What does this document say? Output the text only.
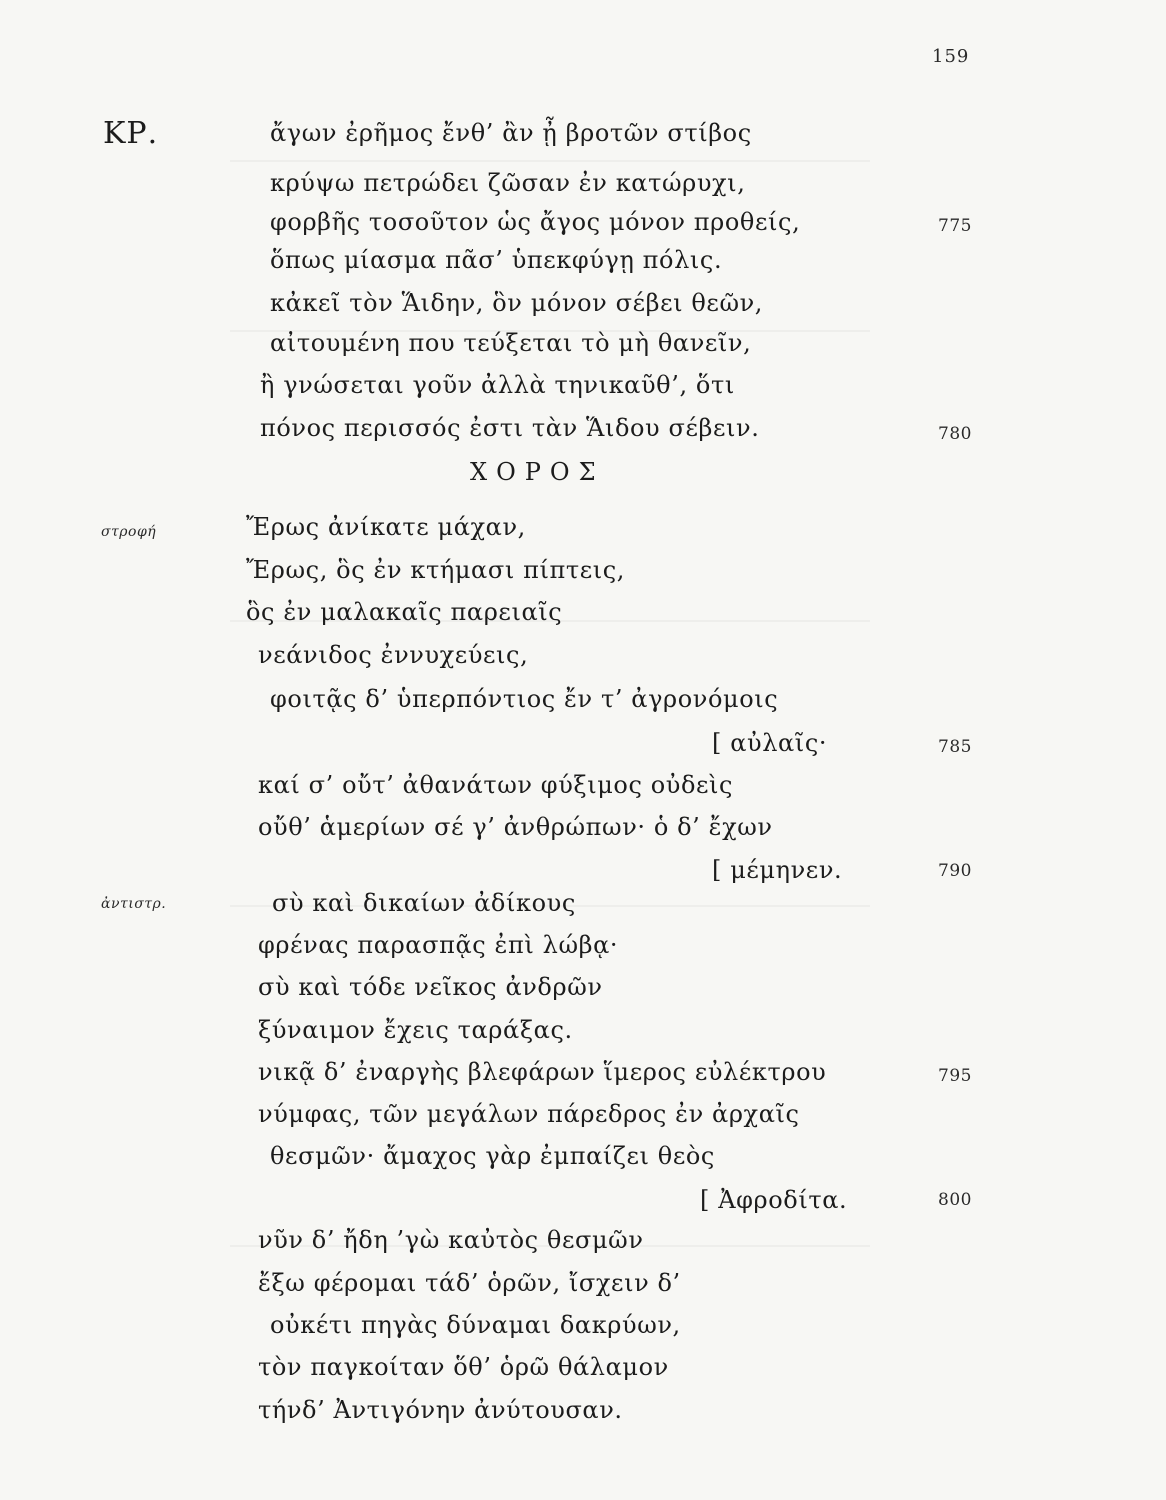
159
ΚΡ.
ΧΟΡΟΣ
στροφή
ἀντιστρ.
ἄγων ἐρῆμος ἔνθ’ ἂν ᾖ βροτῶν στίβος
κρύψω πετρώδει ζῶσαν ἐν κατώρυχι,
φορβῆς τοσοῦτον ὡς ἄγος μόνον προθείς,	775
ὅπως μίασμα πᾶσ’ ὑπεκφύγῃ πόλις.
κἀκεῖ τὸν Ἅιδην, ὃν μόνον σέβει θεῶν,
αἰτουμένη που τεύξεται τὸ μὴ θανεῖν,
ἢ γνώσεται γοῦν ἀλλὰ τηνικαῦθ’, ὅτι
πόνος περισσός ἐστι τὰν Ἅιδου σέβειν.	780
Ἔρως ἀνίκατε μάχαν,
Ἔρως, ὃς ἐν κτήμασι πίπτεις,
ὃς ἐν μαλακαῖς παρειαῖς
νεάνιδος ἐννυχεύεις,
φοιτᾷς δ’ ὑπερπόντιος ἔν τ’ ἀγρονόμοις
[ αὐλαῖς·	785
καί σ’ οὔτ’ ἀθανάτων φύξιμος οὐδεὶς
οὔθ’ ἁμερίων σέ γ’ ἀνθρώπων· ὁ δ’ ἔχων
[ μέμηνεν.	790
σὺ καὶ δικαίων ἀδίκους
φρένας παρασπᾷς ἐπὶ λώβᾳ·
σὺ καὶ τόδε νεῖκος ἀνδρῶν
ξύναιμον ἔχεις ταράξας.
νικᾷ δ’ ἐναργὴς βλεφάρων ἵμερος εὐλέκτρου	795
νύμφας, τῶν μεγάλων πάρεδρος ἐν ἀρχαῖς
θεσμῶν· ἄμαχος γὰρ ἐμπαίζει θεὸς
[ Ἀφροδίτα.	800
νῦν δ’ ἤδη ’γὼ καὐτὸς θεσμῶν
ἔξω φέρομαι τάδ’ ὁρῶν, ἴσχειν δ’
οὐκέτι πηγὰς δύναμαι δακρύων,
τὸν παγκοίταν ὅθ’ ὁρῶ θάλαμον
τήνδ’ Ἀντιγόνην ἀνύτουσαν.
